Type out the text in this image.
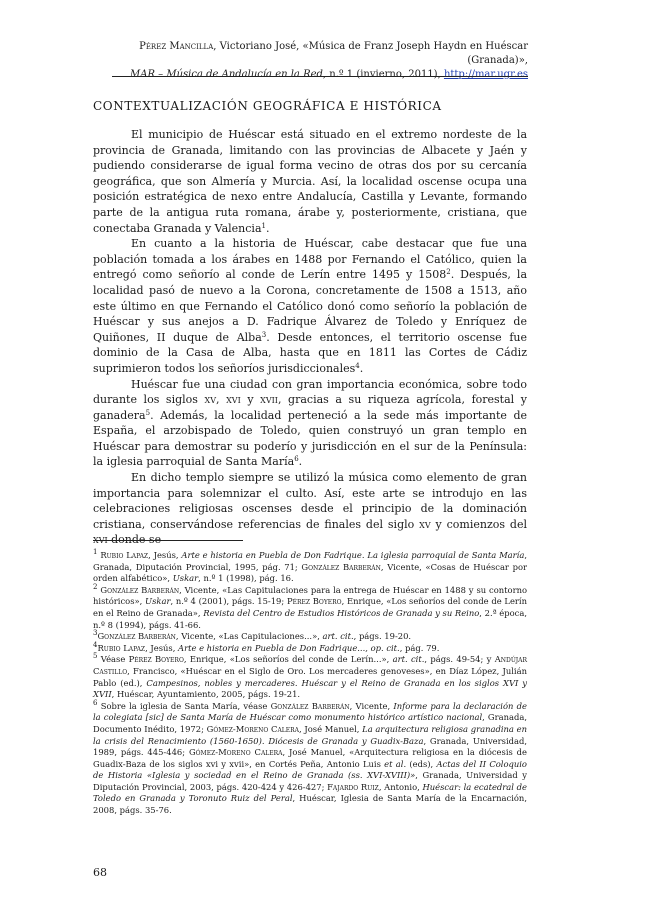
Pérez Mancilla, Victoriano José, «Música de Franz Joseph Haydn en Huéscar (Granada)»,
MAR – Música de Andalucía en la Red, n.º 1 (invierno, 2011), http://mar.ugr.es
CONTEXTUALIZACIÓN GEOGRÁFICA E HISTÓRICA

El municipio de Huéscar está situado en el extremo nordeste de la provincia de Granada, limitando con las provincias de Albacete y Jaén y pudiendo considerarse de igual forma vecino de otras dos por su cercanía geográfica, que son Almería y Murcia. Así, la localidad oscense ocupa una posición estratégica de nexo entre Andalucía, Castilla y Levante, formando parte de la antigua ruta romana, árabe y, posteriormente, cristiana, que conectaba Granada y Valencia$^1$.

En cuanto a la historia de Huéscar, cabe destacar que fue una población tomada a los árabes en 1488 por Fernando el Católico, quien la entregó como señorío al conde de Lerín entre 1495 y 1508$^2$. Después, la localidad pasó de nuevo a la Corona, concretamente de 1508 a 1513, año este último en que Fernando el Católico donó como señorío la población de Huéscar y sus anejos a D. Fadrique Álvarez de Toledo y Enríquez de Quiñones, II duque de Alba$^3$. Desde entonces, el territorio oscense fue dominio de la Casa de Alba, hasta que en 1811 las Cortes de Cádiz suprimieron todos los señoríos jurisdiccionales$^4$.

Huéscar fue una ciudad con gran importancia económica, sobre todo durante los siglos xv, xvi y xvii, gracias a su riqueza agrícola, forestal y ganadera$^5$. Además, la localidad perteneció a la sede más importante de España, el arzobispado de Toledo, quien construyó un gran templo en Huéscar para demostrar su poderío y jurisdicción en el sur de la Península: la iglesia parroquial de Santa María$^6$.

En dicho templo siempre se utilizó la música como elemento de gran importancia para solemnizar el culto. Así, este arte se introdujo en las celebraciones religiosas oscenses desde el principio de la dominación cristiana, conservándose referencias de finales del siglo xv y comienzos del xvi donde se

$^1$ Rubio Lapaz, Jesús, Arte e historia en Puebla de Don Fadrique. La iglesia parroquial de Santa María, Granada, Diputación Provincial, 1995, pág. 71; González Barberán, Vicente, «Cosas de Huéscar por orden alfabético», Uskar, n.º 1 (1998), pág. 16.

$^2$ González Barberán, Vicente, «Las Capitulaciones para la entrega de Huéscar en 1488 y su contorno históricos», Uskar, n.º 4 (2001), págs. 15-19; Pérez Boyero, Enrique, «Los señoríos del conde de Lerín en el Reino de Granada», Revista del Centro de Estudios Históricos de Granada y su Reino, 2.ª época, n.º 8 (1994), págs. 41-66.

$^3$González Barberán, Vicente, «Las Capitulaciones...», art. cit., págs. 19-20.

$^4$Rubio Lapaz, Jesús, Arte e historia en Puebla de Don Fadrique..., op. cit., pág. 79.

$^5$ Véase Pérez Boyero, Enrique, «Los señoríos del conde de Lerín...», art. cit., págs. 49-54; y Andújar Castillo, Francisco, «Huéscar en el Siglo de Oro. Los mercaderes genoveses», en Díaz López, Julián Pablo (ed.), Campesinos, nobles y mercaderes. Huéscar y el Reino de Granada en los siglos XVI y XVII, Huéscar, Ayuntamiento, 2005, págs. 19-21.

$^6$ Sobre la iglesia de Santa María, véase González Barberán, Vicente, Informe para la declaración de la colegiata [sic] de Santa María de Huéscar como monumento histórico artístico nacional, Granada, Documento Inédito, 1972; Gómez-Moreno Calera, José Manuel, La arquitectura religiosa granadina en la crisis del Renacimiento (1560-1650). Diócesis de Granada y Guadix-Baza, Granada, Universidad, 1989, págs. 445-446; Gómez-Moreno Calera, José Manuel, «Arquitectura religiosa en la diócesis de Guadix-Baza de los siglos xvi y xvii», en Cortés Peña, Antonio Luis et al. (eds), Actas del II Coloquio de Historia «Iglesia y sociedad en el Reino de Granada (ss. XVI-XVIII)», Granada, Universidad y Diputación Provincial, 2003, págs. 420-424 y 426-427; Fajardo Ruiz, Antonio, Huéscar: la ecatedral de Toledo en Granada y Toronuto Ruiz del Peral, Huéscar, Iglesia de Santa María de la Encarnación, 2008, págs. 35-76.

68
